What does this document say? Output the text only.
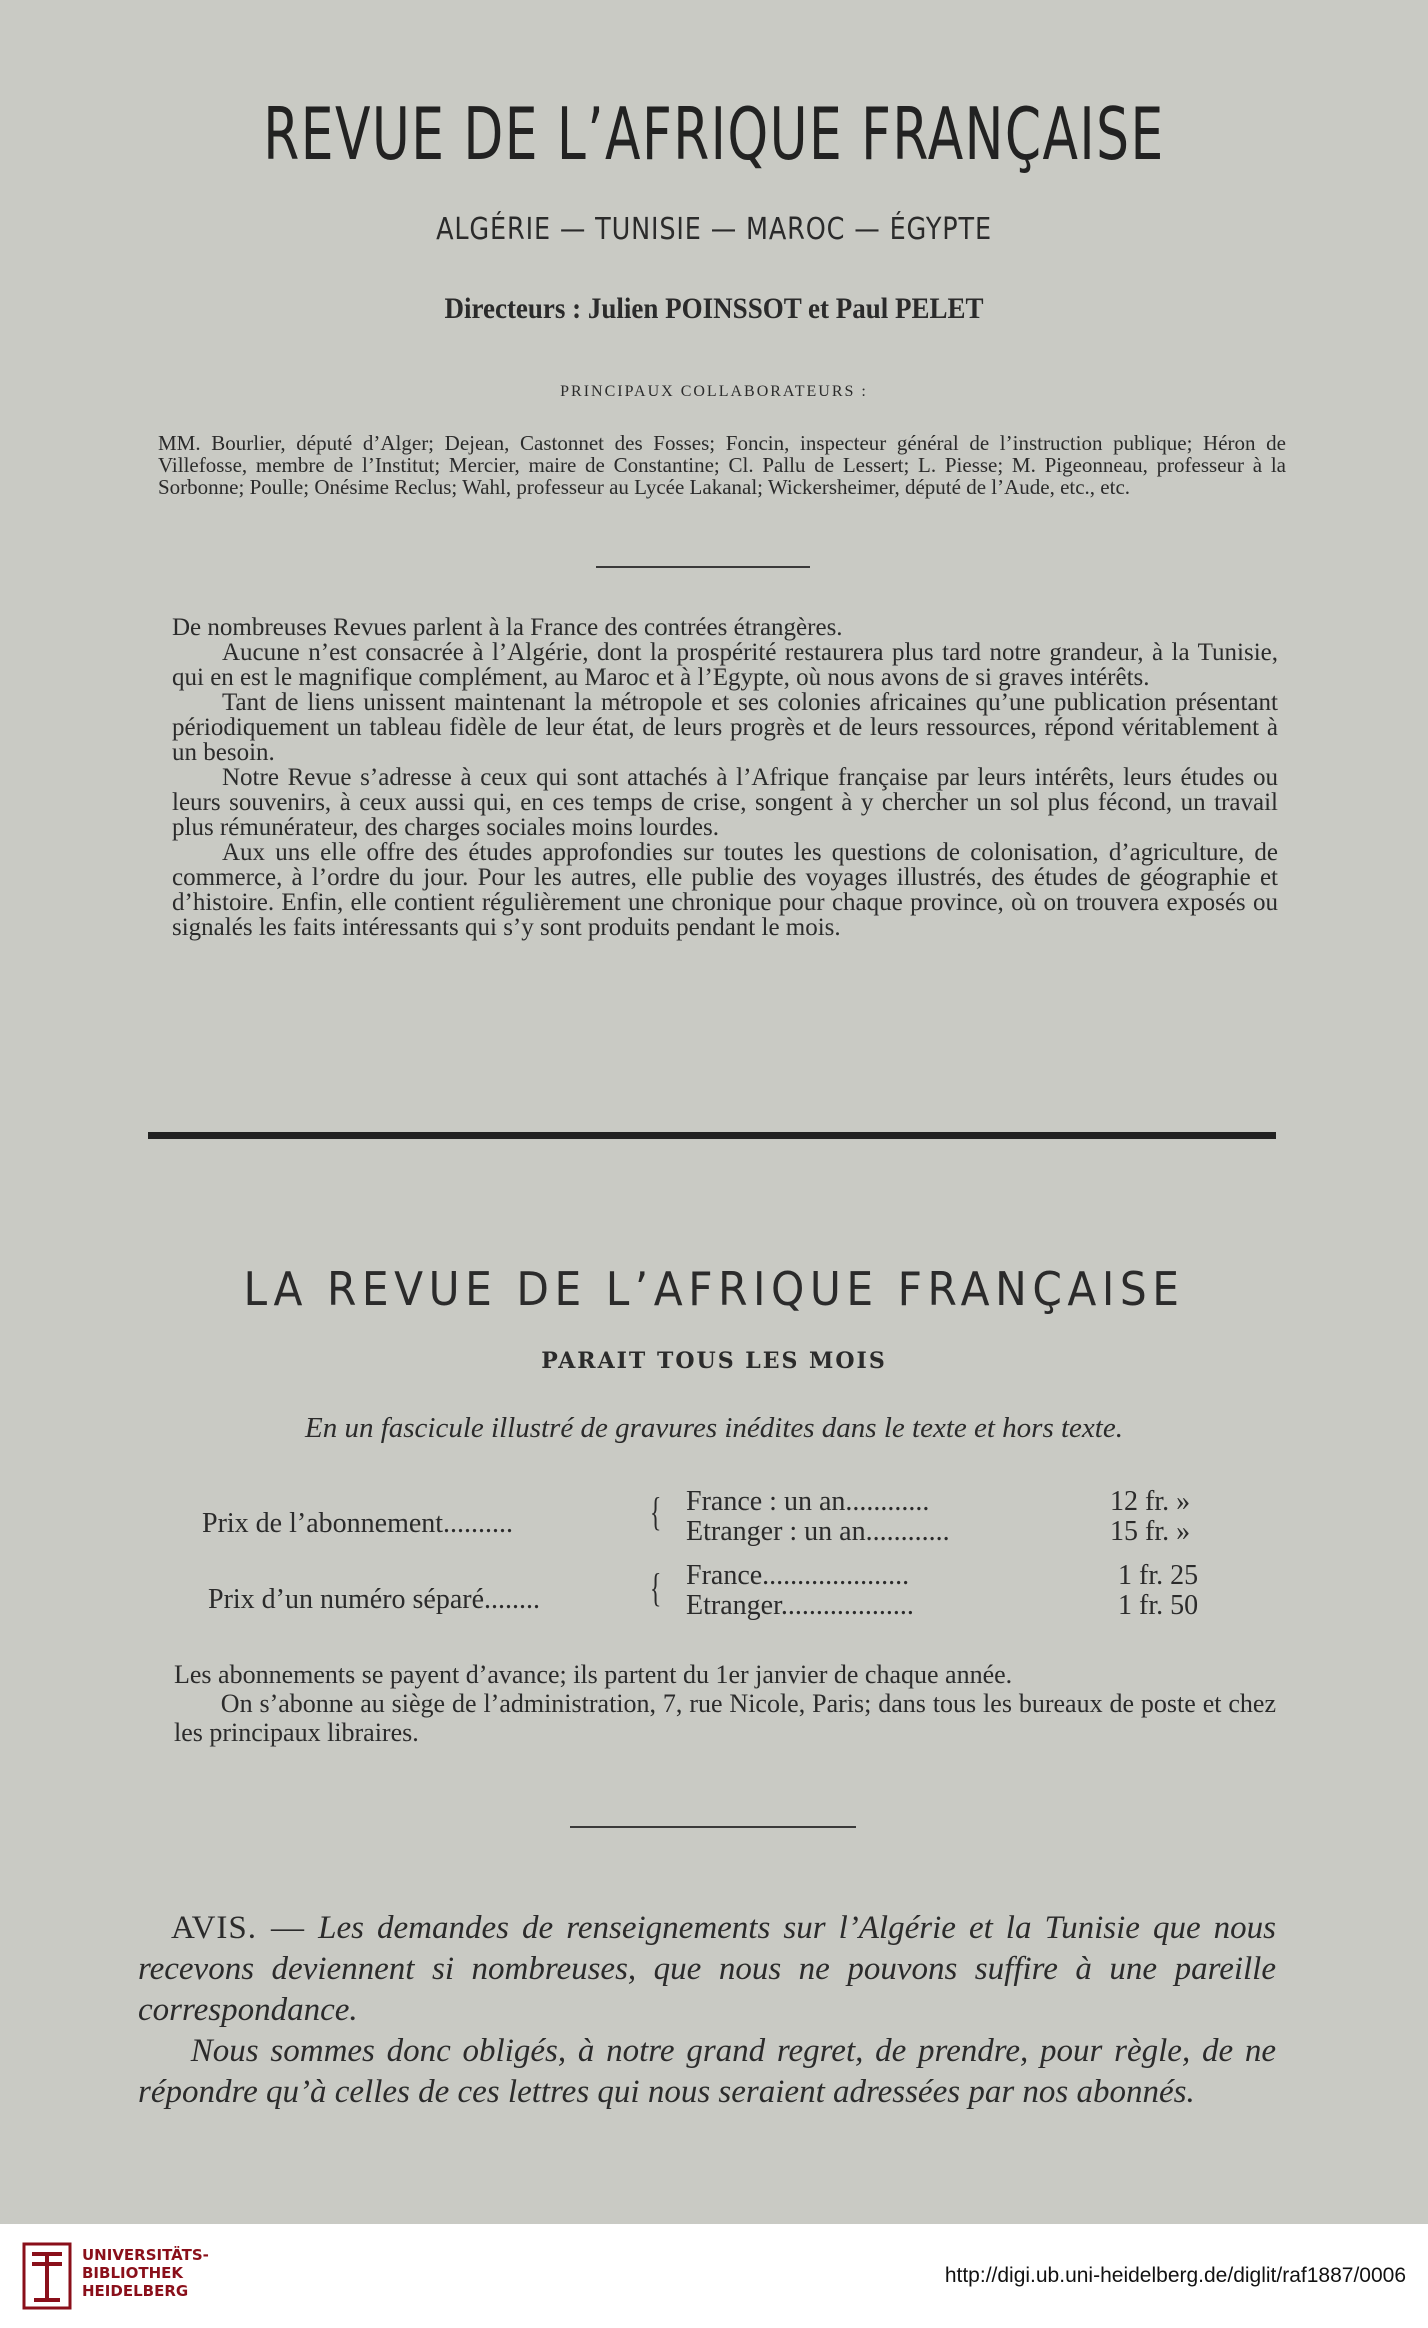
REVUE DE L’AFRIQUE FRANÇAISE
ALGÉRIE — TUNISIE — MAROC — ÉGYPTE
Directeurs : Julien POINSSOT et Paul PELET
PRINCIPAUX COLLABORATEURS :
MM. Bourlier, député d’Alger; Dejean, Castonnet des Fosses; Foncin, inspecteur général de l’instruction publique; Héron de Villefosse, membre de l’Institut; Mercier, maire de Constantine; Cl. Pallu de Lessert; L. Piesse; M. Pigeonneau, professeur à la Sorbonne; Poulle; Onésime Reclus; Wahl, professeur au Lycée Lakanal; Wickersheimer, député de l’Aude, etc., etc.

De nombreuses Revues parlent à la France des contrées étrangères.

Aucune n’est consacrée à l’Algérie, dont la prospérité restaurera plus tard notre grandeur, à la Tunisie, qui en est le magnifique complément, au Maroc et à l’Egypte, où nous avons de si graves intérêts.

Tant de liens unissent maintenant la métropole et ses colonies africaines qu’une publication présentant périodiquement un tableau fidèle de leur état, de leurs progrès et de leurs ressources, répond véritablement à un besoin.

Notre Revue s’adresse à ceux qui sont attachés à l’Afrique française par leurs intérêts, leurs études ou leurs souvenirs, à ceux aussi qui, en ces temps de crise, songent à y chercher un sol plus fécond, un travail plus rémunérateur, des charges sociales moins lourdes.

Aux uns elle offre des études approfondies sur toutes les questions de colonisation, d’agriculture, de commerce, à l’ordre du jour. Pour les autres, elle publie des voyages illustrés, des études de géographie et d’histoire. Enfin, elle contient régulièrement une chronique pour chaque province, où on trouvera exposés ou signalés les faits intéressants qui s’y sont produits pendant le mois.

LA REVUE DE L’AFRIQUE FRANÇAISE
PARAIT TOUS LES MOIS
En un fascicule illustré de gravures inédites dans le texte et hors texte.
Prix de l’abonnement..........	{ France : un an............	12 fr. »
Etranger : un an............	15 fr. »
Prix d’un numéro séparé........	{ France.....................	1 fr. 25
Etranger...................	1 fr. 50

Les abonnements se payent d’avance; ils partent du 1er janvier de chaque année.

On s’abonne au siège de l’administration, 7, rue Nicole, Paris; dans tous les bureaux de poste et chez les principaux libraires.

AVIS. — Les demandes de renseignements sur l’Algérie et la Tunisie que nous recevons deviennent si nombreuses, que nous ne pouvons suffire à une pareille correspondance.

Nous sommes donc obligés, à notre grand regret, de prendre, pour règle, de ne répondre qu’à celles de ces lettres qui nous seraient adressées par nos abonnés.

UNIVERSITÄTS-
BIBLIOTHEK
HEIDELBERG
http://digi.ub.uni-heidelberg.de/diglit/raf1887/0006
